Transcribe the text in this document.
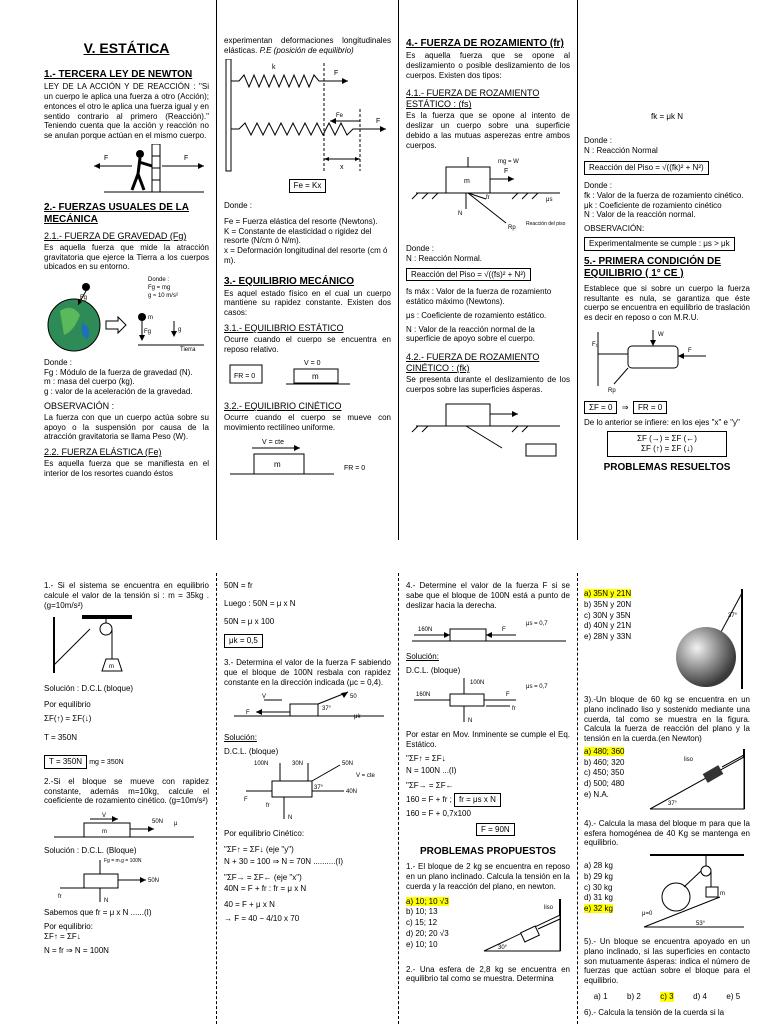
V. ESTÁTICA
1.- TERCERA LEY DE NEWTON

LEY DE LA ACCIÓN Y DE REACCIÓN : "Si un cuerpo le aplica una fuerza a otro (Acción); entonces el otro le aplica una fuerza igual y en sentido contrario al primero (Reacción)." Teniendo cuenta que la acción y reacción no se anulan porque actúan en el mismo cuerpo.

F	F
2.- FUERZAS USUALES DE LA MECÁNICA
2.1.- FUERZA DE GRAVEDAD (Fg)

Es aquella fuerza que mide la atracción gravitatoria que ejerce la Tierra a los cuerpos ubicados en su entorno.

Fg
m
Fg	g
Tierra
Donde :
Fg = mg
g ≈ 10 m/s²
Donde :
Fg : Módulo de la fuerza de gravedad (N).
m : masa del cuerpo (kg).
g : valor de la aceleración de la gravedad.
OBSERVACIÓN :

La fuerza con que un cuerpo actúa sobre su apoyo o la suspensión por causa de la atracción gravitatoria se llama Peso (W).

2.2. FUERZA ELÁSTICA (Fe)

Es aquella fuerza que se manifiesta en el interior de los resortes cuando éstos

experimentan deformaciones longitudinales elásticas. P.E (posición de equilibrio)

k
F
F
Fe
x
Fe = Kx
Donde :
Fe = Fuerza elástica del resorte (Newtons).
K = Constante de elasticidad o rigidez del resorte (N/cm ó N/m).
x = Deformación longitudinal del resorte (cm ó m).
3.- EQUILIBRIO MECÁNICO

Es aquel estado físico en el cual un cuerpo mantiene su rapidez constante. Existen dos casos:

3.1.- EQUILIBRIO ESTÁTICO

Ocurre cuando el cuerpo se encuentra en reposo relativo.

FR = 0
V = 0
m
3.2.- EQUILIBRIO CINÉTICO

Ocurre cuando el cuerpo se mueve con movimiento rectilíneo uniforme.

V = cte
m	FR = 0
4.- FUERZA DE ROZAMIENTO (fr)

Es aquella fuerza que se opone al deslizamiento o posible deslizamiento de los cuerpos. Existen dos tipos:

4.1.- FUERZA DE ROZAMIENTO ESTÁTICO : (fs)

Es la fuerza que se opone al intento de deslizar un cuerpo sobre una superficie debido a las mutuas asperezas entre ambos cuerpos.

mg = W
m
F
fr
N
Rp
Reacción del piso
μs
Donde :
N : Reacción Normal.
Reacción del Piso = √((fs)² + N²)
fs máx : Valor de la fuerza de rozamiento estático máximo (Newtons).
μs : Coeficiente de rozamiento estático.
N : Valor de la reacción normal de la superficie de apoyo sobre el cuerpo.
4.2.- FUERZA DE ROZAMIENTO CINÉTICO : (fk)

Se presenta durante el deslizamiento de los cuerpos sobre las superficies ásperas.

fk = μk N
Donde :
N : Reacción Normal
Reacción del Piso = √((fk)² + N²)
Donde :
fk : Valor de la fuerza de rozamiento cinético.
μk : Coeficiente de rozamiento cinético
N : Valor de la reacción normal.
OBSERVACIÓN:
Experimentalmente se cumple : μs > μk
5.- PRIMERA CONDICIÓN DE EQUILIBRIO ( 1° CE )

Establece que si sobre un cuerpo la fuerza resultante es nula, se garantiza que éste cuerpo se encuentra en equilibrio de traslación es decir en reposo o con M.R.U.

W
F
F₁
Rp
ΣF = 0  ⇒  FR = 0
De lo anterior se infiere: en los ejes "x" e "y"
ΣF (→) = ΣF (←)
ΣF (↑) = ΣF (↓)
PROBLEMAS RESUELTOS

1.- Si el sistema se encuentra en equilibrio calcule el valor de la tensión si : m = 35kg . (g=10m/s²)

m
Solución : D.C.L (bloque)
Por equilibrio
ΣF(↑) = ΣF(↓)
T = 350N
T = 350N mg = 350N

2.-Si el bloque se mueve con rapidez constante, además m=10kg, calcule el coeficiente de rozamiento cinético. (g=10m/s²)

V
m
50N μ
Solución : D.C.L. (Bloque)
Fg = m.g = 100N
50N
fr
N
Sabemos que fr = μ x N ......(I)
Por equilibrio:
ΣF↑ = ΣF↓
N = fr ⇒ N = 100N
50N = fr
Luego : 50N = μ x N
50N = μ x 100
μk = 0,5

3.- Determina el valor de la fuerza F sabiendo que el bloque de 100N resbala con rapidez constante en la dirección indicada (μc = 0,4).

50
37°
F
V
μk
Solución:
D.C.L. (bloque)
100N	30N	50N
V = cte
37°
40N
F
fr
N
Por equilibrio Cinético:
"ΣF↑ = ΣF↓ (eje "y")
N + 30 = 100 ⇒ N = 70N ..........(I)
"ΣF→ = ΣF← (eje "x")
40N = F + fr : fr = μ x N
40 = F + μ x N
→ F = 40 − 4/10 x 70

4.- Determine el valor de la fuerza F si se sabe que el bloque de 100N está a punto de deslizar hacia la derecha.

160N	F
μs = 0,7
Solución:
D.C.L. (bloque)
100N
160N	F
μs = 0,7
fr
N

Por estar en Mov. Inminente se cumple el Eq. Estático.

"ΣF↑ = ΣF↓
N = 100N ...(I)
"ΣF→ = ΣF←
160 = F + fr ; fr = μs x N
160 = F + 0,7x100
F = 90N
PROBLEMAS PROPUESTOS

1.- El bloque de 2 kg se encuentra en reposo en un plano inclinado. Calcula la tensión en la cuerda y la reacción del plano, en newton.

a) 10; 10 √3
b) 10; 13
c) 15; 12
d) 20; 20 √3
e) 10; 10
liso
30°

2.- Una esfera de 2,8 kg se encuentra en equilibrio tal como se muestra. Determina

a) 35N y 21N
b) 35N y 20N
c) 30N y 35N
d) 40N y 21N
e) 28N y 33N
37°

3).-Un bloque de 60 kg se encuentra en un plano inclinado liso y sostenido mediante una cuerda, tal como se muestra en la figura. Calcula la fuerza de reacción del plano y la tensión en la cuerda.(en Newton)

a) 480; 360
b) 460; 320
c) 450; 350
d) 500; 480
e) N.A.
liso
37°

4).- Calcula la masa del bloque m para que la esfera homogénea de 40 Kg se mantenga en equilibrio.

a) 28 kg
b) 29 kg
c) 30 kg
d) 31 kg
e) 32 kg
m
μ=0
53°

5).- Un bloque se encuentra apoyado en un plano inclinado, si las superficies en contacto son mutuamente ásperas: indica el número de fuerzas que actúan sobre el bloque para el equilibrio.

a) 1 b) 2 c) 3 d) 4 e) 5

6).- Calcula la tensión de la cuerda si la
